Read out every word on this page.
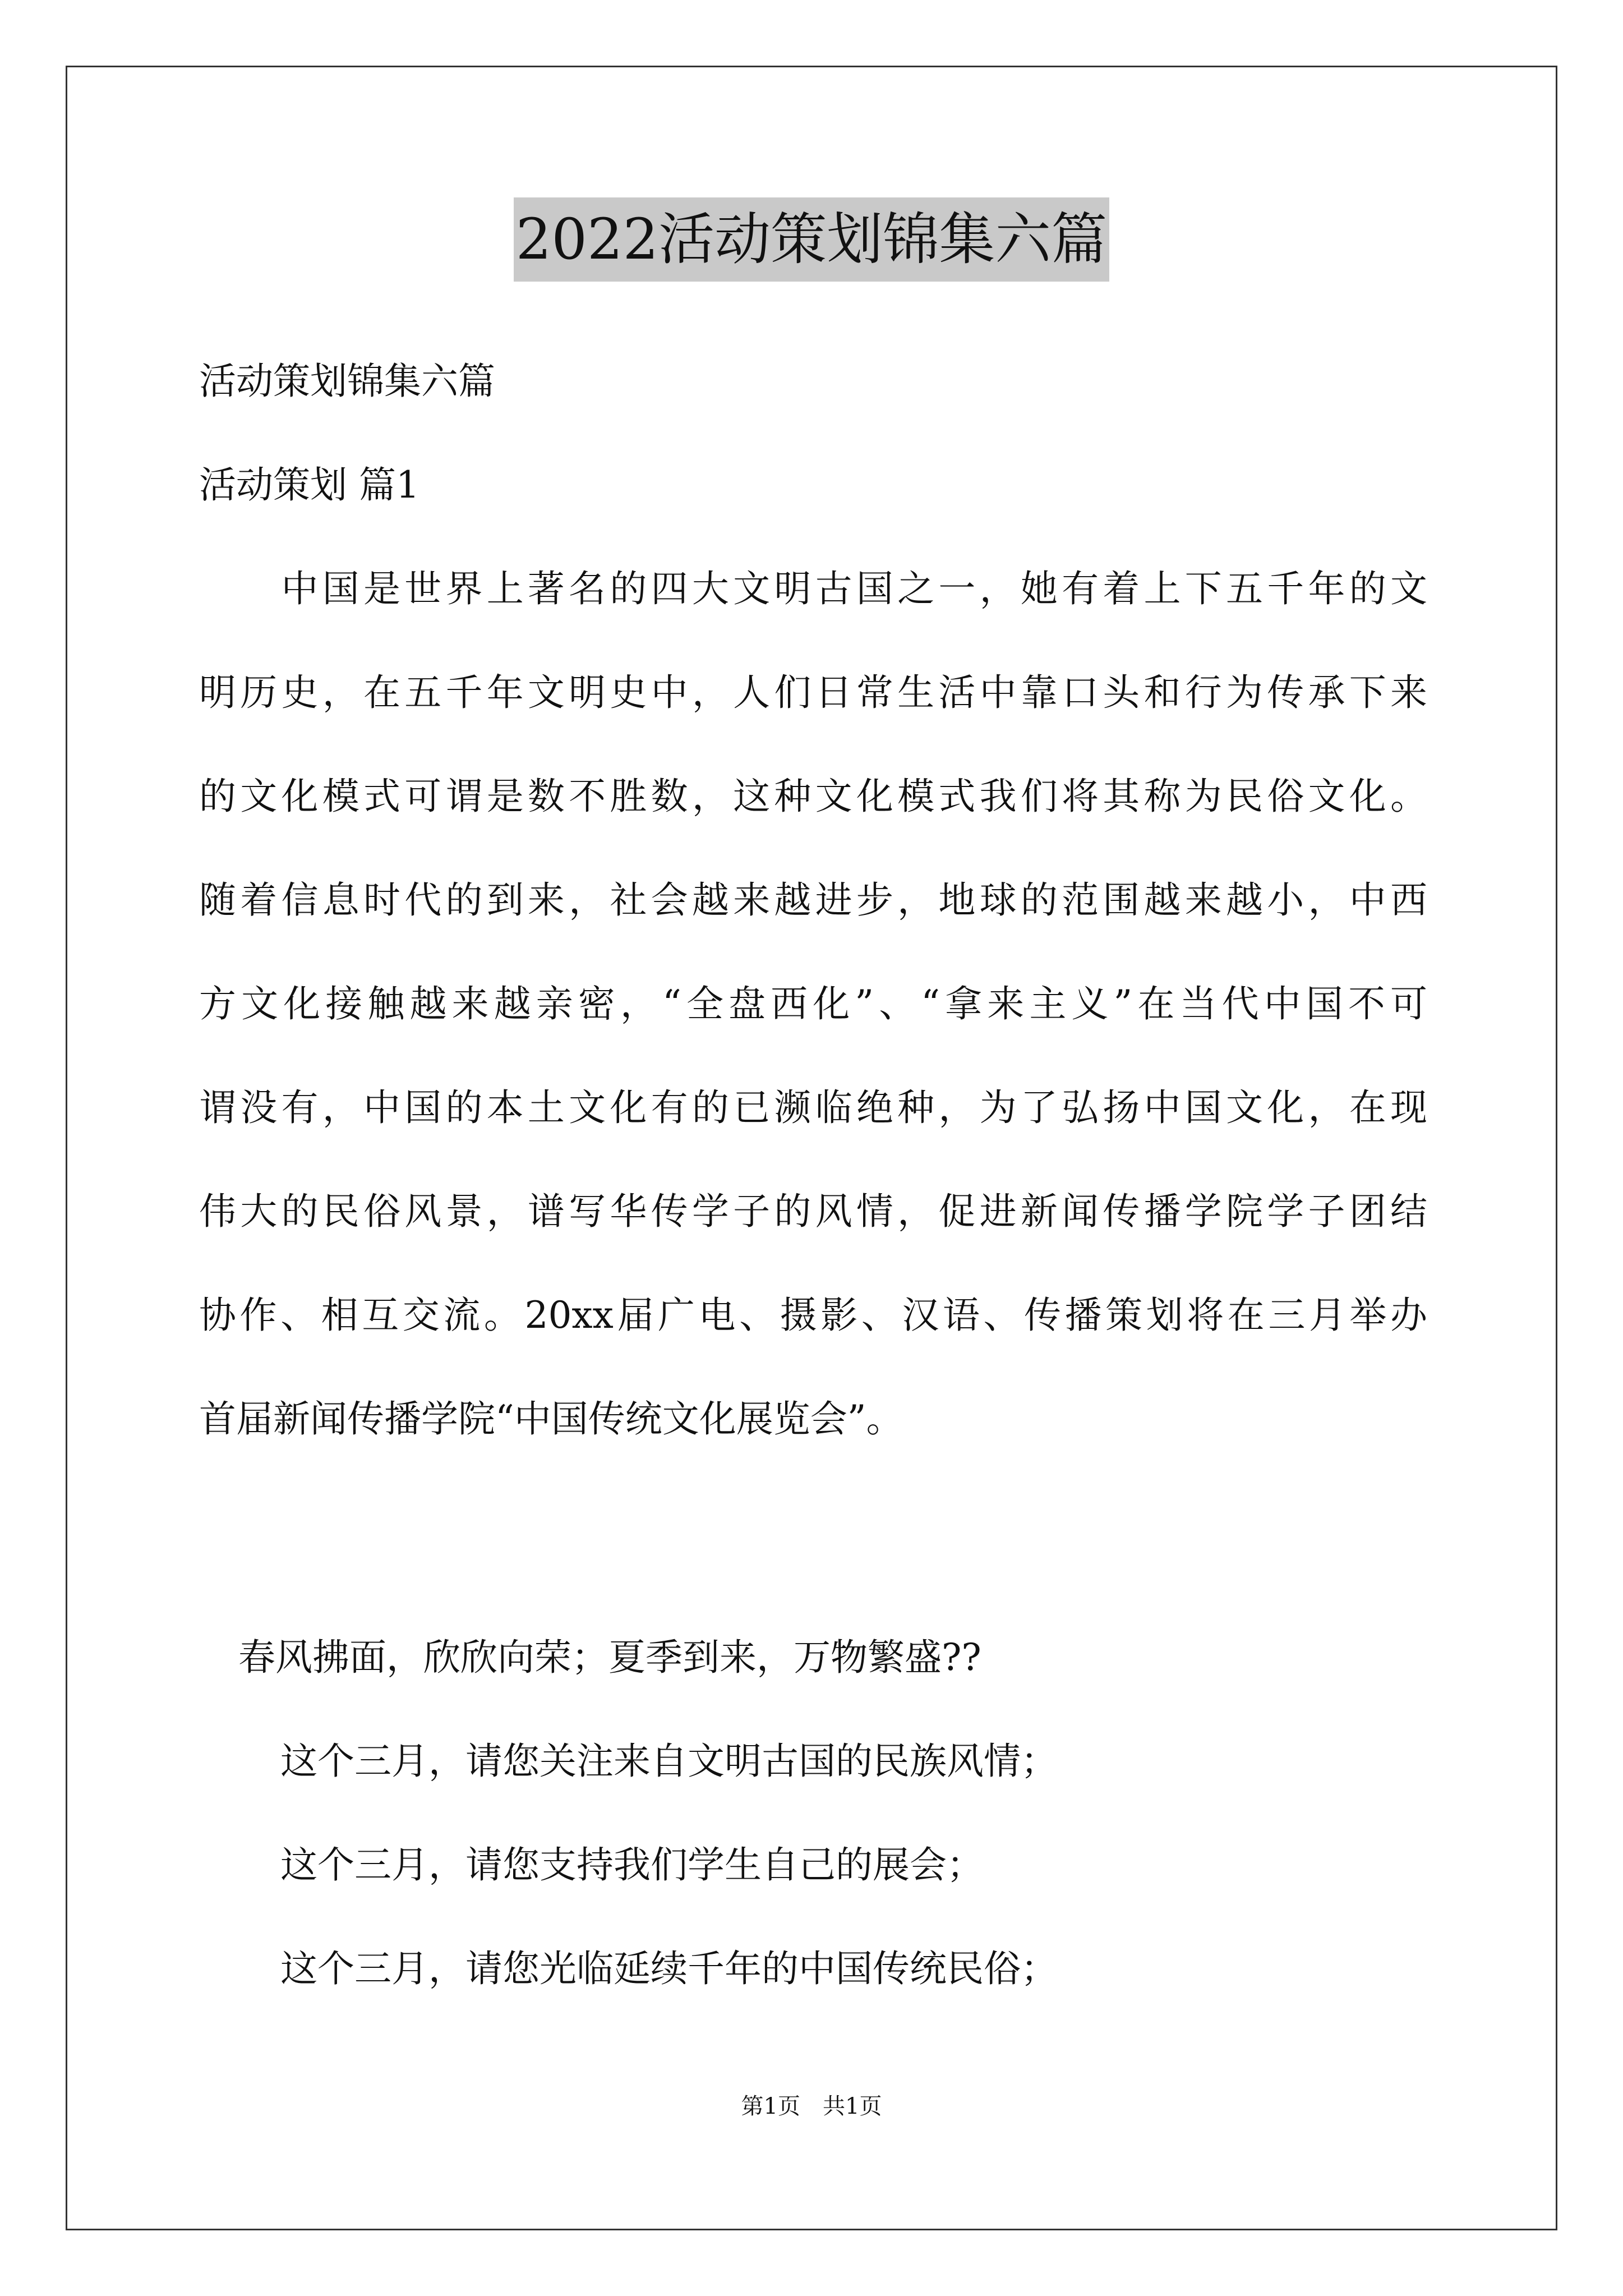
2022活动策划锦集六篇
活动策划锦集六篇
活动策划 篇1
　　中国是世界上著名的四大文明古国之一，她有着上下五千年的文
明历史，在五千年文明史中，人们日常生活中靠口头和行为传承下来
的文化模式可谓是数不胜数，这种文化模式我们将其称为民俗文化。
随着信息时代的到来，社会越来越进步，地球的范围越来越小，中西
方文化接触越来越亲密，“全盘西化”、“拿来主义”在当代中国不可
谓没有，中国的本土文化有的已濒临绝种，为了弘扬中国文化，在现
伟大的民俗风景，谱写华传学子的风情，促进新闻传播学院学子团结
协作、相互交流。20xx届广电、摄影、汉语、传播策划将在三月举办
首届新闻传播学院“中国传统文化展览会”。
春风拂面，欣欣向荣；夏季到来，万物繁盛??
这个三月，请您关注来自文明古国的民族风情；
这个三月，请您支持我们学生自己的展会；
这个三月，请您光临延续千年的中国传统民俗；
第1页　共1页
